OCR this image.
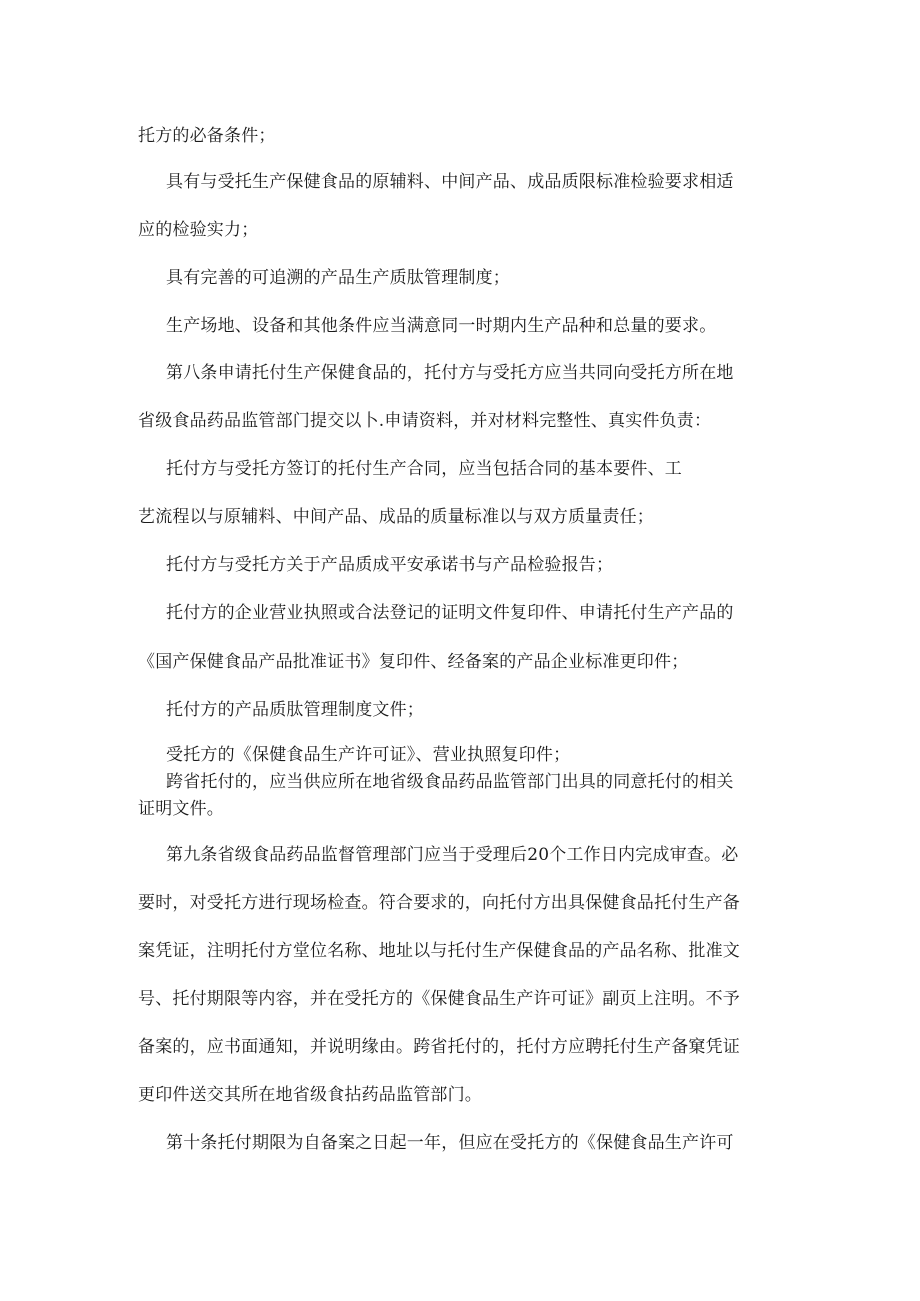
托方的必备条件；
具有与受托生产保健食品的原辅料、中间产品、成品质限标准检验要求相适
应的检验实力；
具有完善的可追溯的产品生产质肽管理制度；
生产场地、设备和其他条件应当满意同一时期内生产品种和总量的要求。
第八条申请托付生产保健食品的，托付方与受托方应当共同向受托方所在地
省级食品药品监管部门提交以卜.申请资料，并对材料完整性、真实件负责：
托付方与受托方签订的托付生产合同，应当包括合同的基本要件、工
艺流程以与原辅料、中间产品、成品的质量标准以与双方质量责任；
托付方与受托方关于产品质成平安承诺书与产品检验报告；
托付方的企业营业执照或合法登记的证明文件复印件、申请托付生产产品的
《国产保健食品产品批准证书》复印件、经备案的产品企业标准更印件；
托付方的产品质肽管理制度文件；
受托方的《保健食品生产许可证》、营业执照复印件；
跨省托付的，应当供应所在地省级食品药品监管部门出具的同意托付的相关
证明文件。
第九条省级食品药品监督管理部门应当于受理后20个工作日内完成审查。必
要时，对受托方进行现场检查。符合要求的，向托付方出具保健食品托付生产备
案凭证，注明托付方堂位名称、地址以与托付生产保健食品的产品名称、批准文
号、托付期限等内容，并在受托方的《保健食品生产许可证》副页上注明。不予
备案的，应书面通知，并说明缘由。跨省托付的，托付方应聘托付生产备窠凭证
更印件送交其所在地省级食拈药品监管部门。
第十条托付期限为自备案之日起一年，但应在受托方的《保健食品生产许可
